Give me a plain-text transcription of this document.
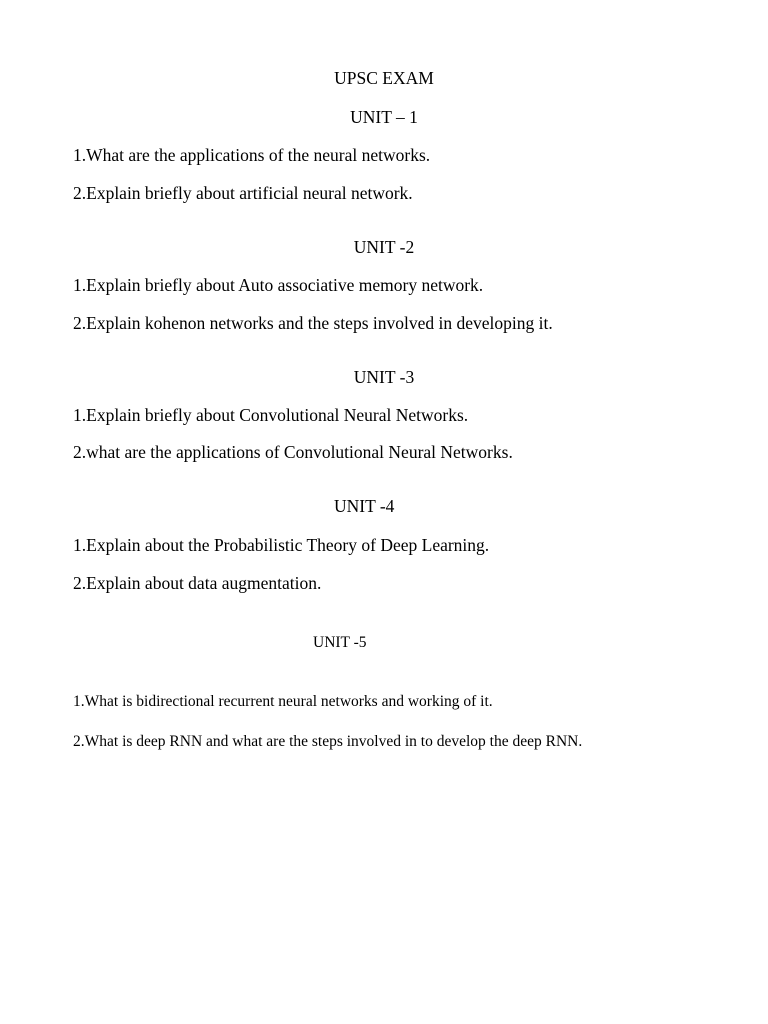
UPSC EXAM
UNIT – 1
1.What are the applications of the neural networks.
2.Explain briefly about artificial neural network.
UNIT -2
1.Explain briefly about Auto associative memory network.
2.Explain kohenon networks and the steps involved in developing it.
UNIT -3
1.Explain briefly about Convolutional Neural Networks.
2.what are the applications of Convolutional Neural Networks.
UNIT -4
1.Explain about the Probabilistic Theory of Deep Learning.
2.Explain about data augmentation.
UNIT -5
1.What is bidirectional recurrent neural networks and working of it.
2.What is deep RNN and what are the steps involved in to develop the deep RNN.
